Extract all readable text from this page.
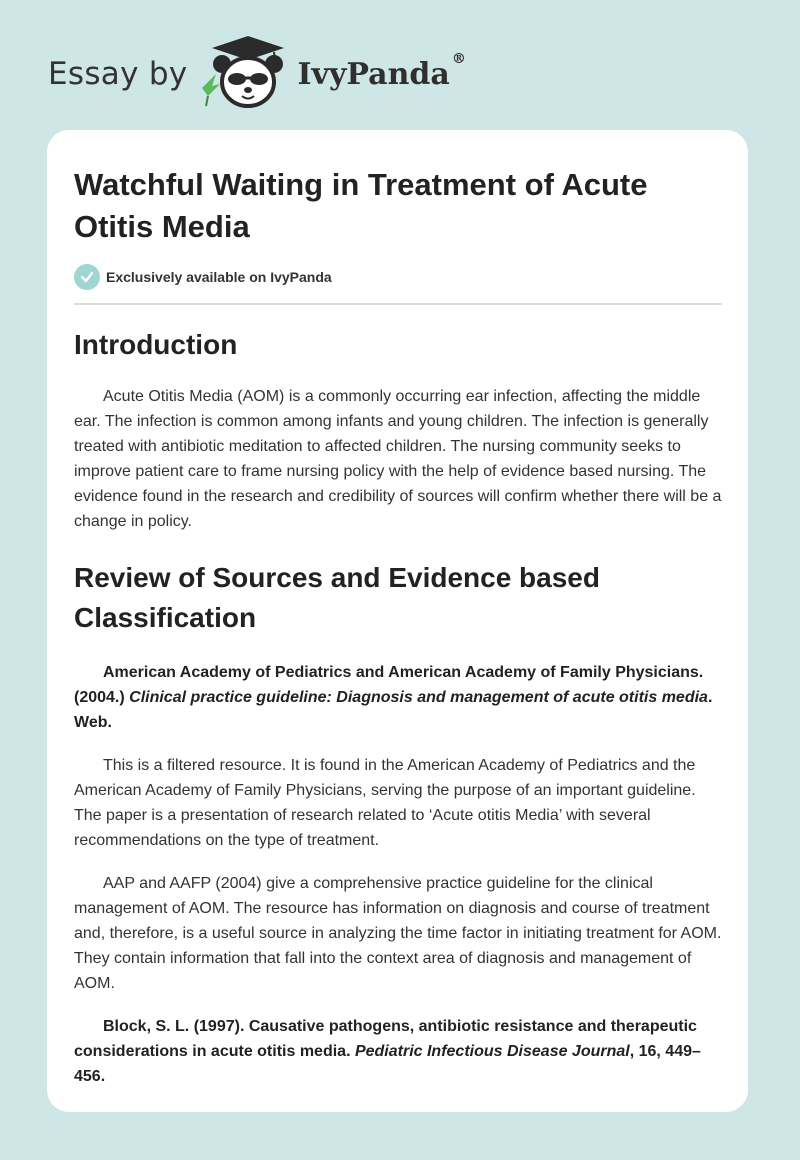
Essay by	IvyPanda®
Watchful Waiting in Treatment of Acute Otitis Media
Exclusively available on IvyPanda
Introduction

Acute Otitis Media (AOM) is a commonly occurring ear infection, affecting the middle ear. The infection is common among infants and young children. The infection is generally treated with antibiotic meditation to affected children. The nursing community seeks to improve patient care to frame nursing policy with the help of evidence based nursing. The evidence found in the research and credibility of sources will confirm whether there will be a change in policy.

Review of Sources and Evidence based Classification

American Academy of Pediatrics and American Academy of Family Physicians. (2004.) Clinical practice guideline: Diagnosis and management of acute otitis media. Web.

This is a filtered resource. It is found in the American Academy of Pediatrics and the American Academy of Family Physicians, serving the purpose of an important guideline. The paper is a presentation of research related to ‘Acute otitis Media’ with several recommendations on the type of treatment.

AAP and AAFP (2004) give a comprehensive practice guideline for the clinical management of AOM. The resource has information on diagnosis and course of treatment and, therefore, is a useful source in analyzing the time factor in initiating treatment for AOM. They contain information that fall into the context area of diagnosis and management of AOM.

Block, S. L. (1997). Causative pathogens, antibiotic resistance and therapeutic considerations in acute otitis media. Pediatric Infectious Disease Journal, 16, 449–456.
